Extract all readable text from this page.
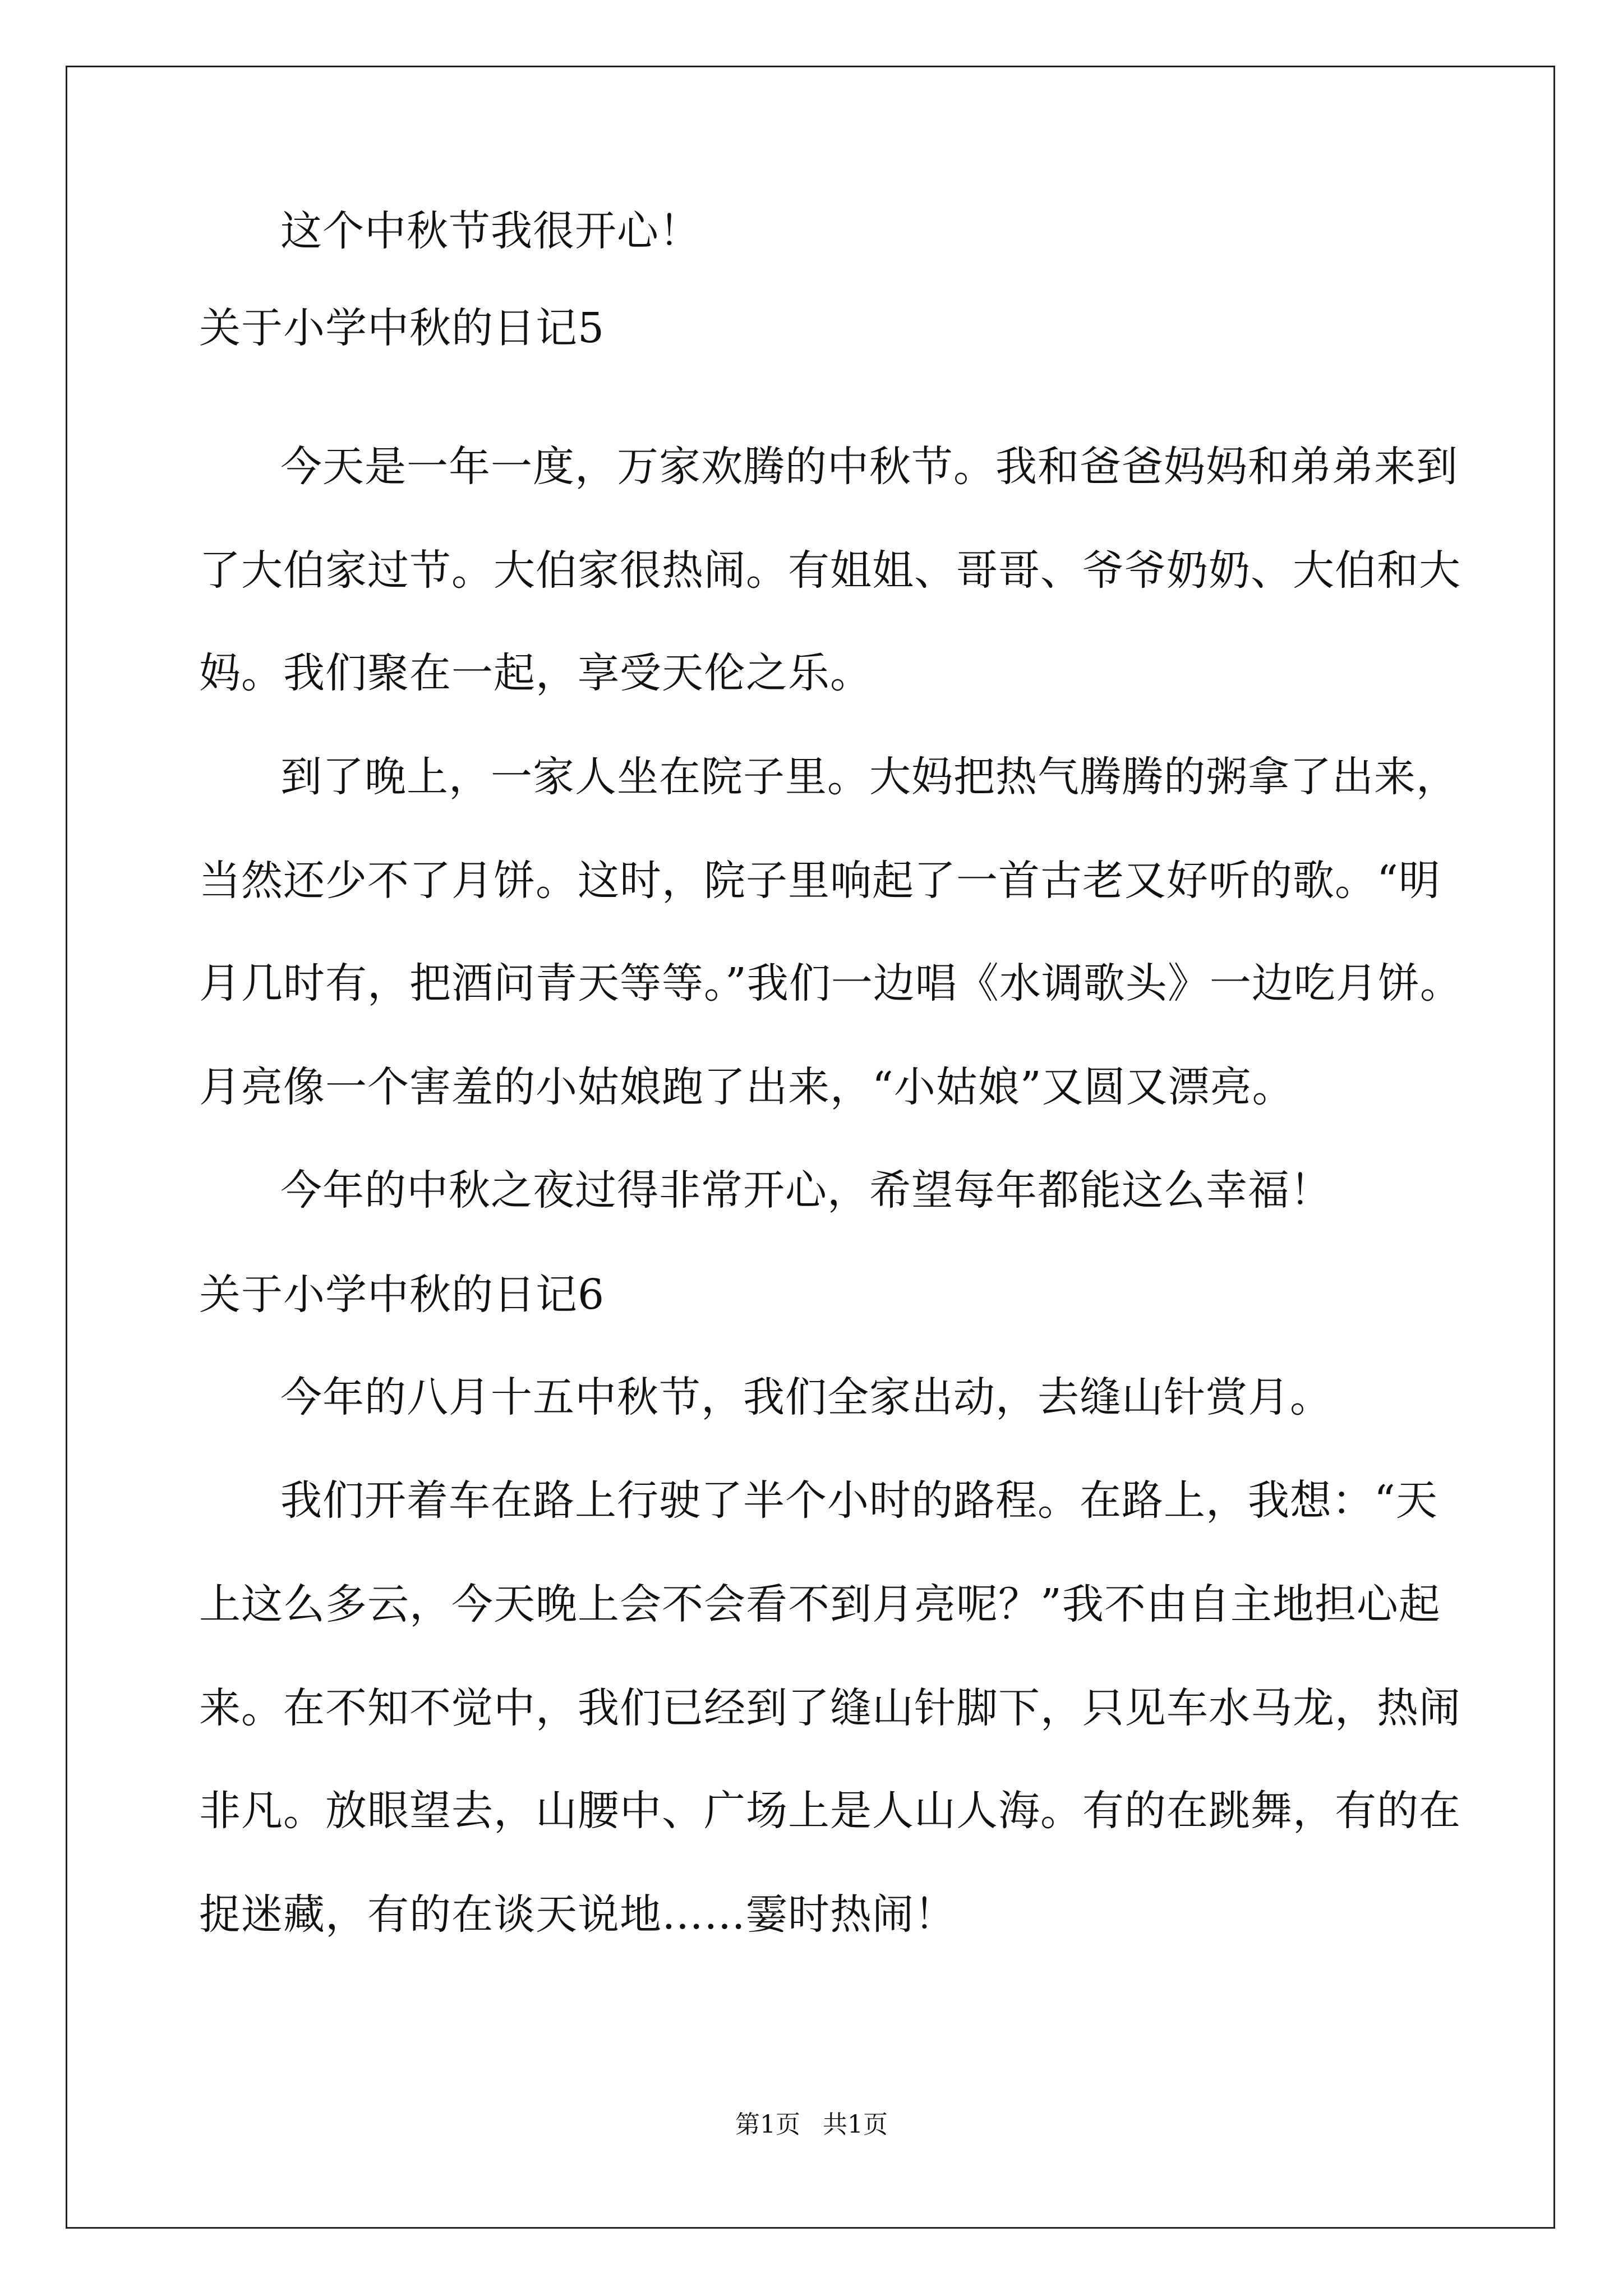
这个中秋节我很开心！
关于小学中秋的日记5
今天是一年一度，万家欢腾的中秋节。我和爸爸妈妈和弟弟来到
了大伯家过节。大伯家很热闹。有姐姐、哥哥、爷爷奶奶、大伯和大
妈。我们聚在一起，享受天伦之乐。
到了晚上，一家人坐在院子里。大妈把热气腾腾的粥拿了出来，
当然还少不了月饼。这时，院子里响起了一首古老又好听的歌。“明
月几时有，把酒问青天等等。”我们一边唱《水调歌头》一边吃月饼。
月亮像一个害羞的小姑娘跑了出来，“小姑娘”又圆又漂亮。
今年的中秋之夜过得非常开心，希望每年都能这么幸福！
关于小学中秋的日记6
今年的八月十五中秋节，我们全家出动，去缝山针赏月。
我们开着车在路上行驶了半个小时的路程。在路上，我想：“天
上这么多云，今天晚上会不会看不到月亮呢？”我不由自主地担心起
来。在不知不觉中，我们已经到了缝山针脚下，只见车水马龙，热闹
非凡。放眼望去，山腰中、广场上是人山人海。有的在跳舞，有的在
捉迷藏，有的在谈天说地……霎时热闹！
第1页 共1页
